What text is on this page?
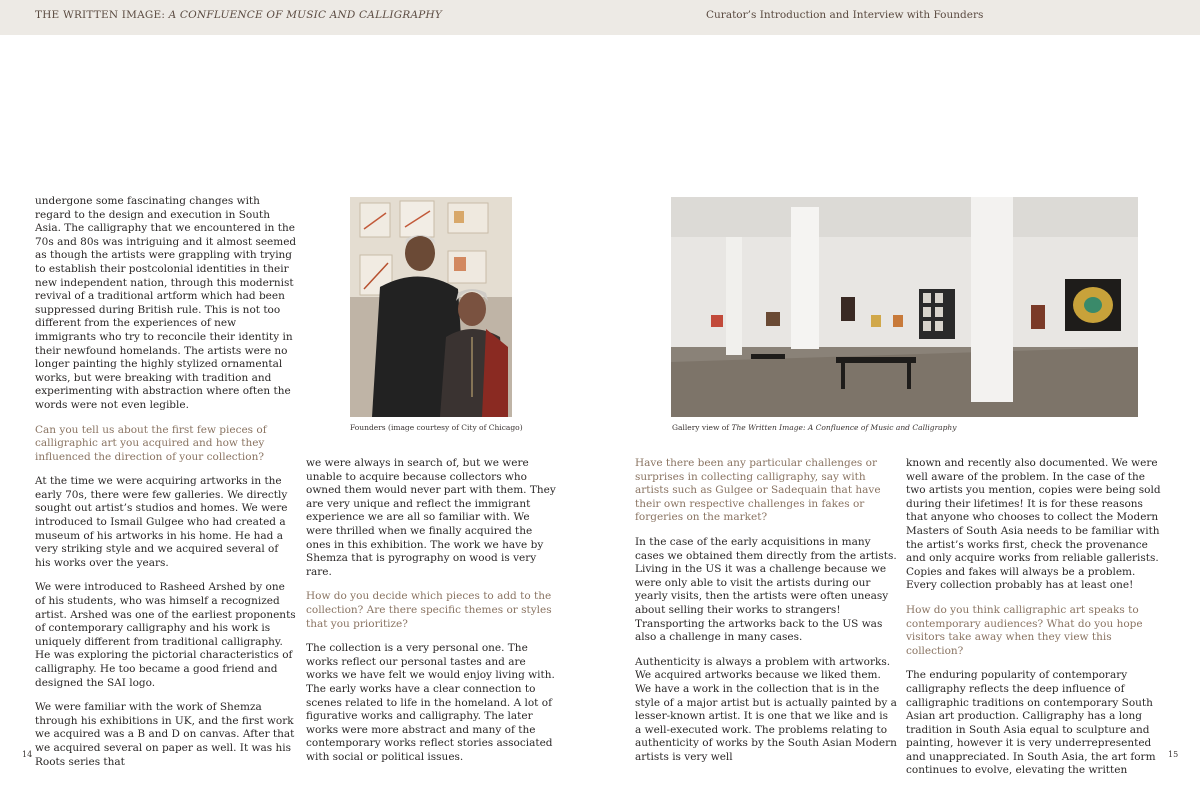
THE WRITTEN IMAGE: A CONFLUENCE OF MUSIC AND CALLIGRAPHY	Curator’s Introduction and Interview with Founders

undergone some fascinating changes with regard to the design and execution in South Asia. The calligraphy that we encountered in the 70s and 80s was intriguing and it almost seemed as though the artists were grappling with trying to establish their postcolonial identities in their new independent nation, through this modernist revival of a traditional artform which had been suppressed during British rule. This is not too different from the experiences of new immigrants who try to reconcile their identity in their newfound homelands. The artists were no longer painting the highly stylized ornamental works, but were breaking with tradition and experimenting with abstraction where often the words were not even legible.

Can you tell us about the first few pieces of calligraphic art you acquired and how they influenced the direction of your collection?

At the time we were acquiring artworks in the early 70s, there were few galleries. We directly sought out artist’s studios and homes. We were introduced to Ismail Gulgee who had created a museum of his artworks in his home. He had a very striking style and we acquired several of his works over the years.

We were introduced to Rasheed Arshed by one of his students, who was himself a recognized artist. Arshed was one of the earliest proponents of contemporary calligraphy and his work is uniquely different from traditional calligraphy. He was exploring the pictorial characteristics of calligraphy. He too became a good friend and designed the SAI logo.

We were familiar with the work of Shemza through his exhibitions in UK, and the first work we acquired was a B and D on canvas. After that we acquired several on paper as well. It was his Roots series that

Founders (image courtesy of City of Chicago)

we were always in search of, but we were unable to acquire because collectors who owned them would never part with them. They are very unique and reflect the immigrant experience we are all so familiar with. We were thrilled when we finally acquired the ones in this exhibition. The work we have by Shemza that is pyrography on wood is very rare.

How do you decide which pieces to add to the collection? Are there specific themes or styles that you prioritize?

The collection is a very personal one. The works reflect our personal tastes and are works we have felt we would enjoy living with. The early works have a clear connection to scenes related to life in the homeland. A lot of figurative works and calligraphy. The later works were more abstract and many of the contemporary works reflect stories associated with social or political issues.

14
Gallery view of The Written Image: A Confluence of Music and Calligraphy

Have there been any particular challenges or surprises in collecting calligraphy, say with artists such as Gulgee or Sadequain that have their own respective challenges in fakes or forgeries on the market?

In the case of the early acquisitions in many cases we obtained them directly from the artists. Living in the US it was a challenge because we were only able to visit the artists during our yearly visits, then the artists were often uneasy about selling their works to strangers! Transporting the artworks back to the US was also a challenge in many cases.

Authenticity is always a problem with artworks. We acquired artworks because we liked them. We have a work in the collection that is in the style of a major artist but is actually painted by a lesser-known artist. It is one that we like and is a well-executed work. The problems relating to authenticity of works by the South Asian Modern artists is very well

known and recently also documented. We were well aware of the problem. In the case of the two artists you mention, copies were being sold during their lifetimes! It is for these reasons that anyone who chooses to collect the Modern Masters of South Asia needs to be familiar with the artist’s works first, check the provenance and only acquire works from reliable gallerists. Copies and fakes will always be a problem. Every collection probably has at least one!

How do you think calligraphic art speaks to contemporary audiences? What do you hope visitors take away when they view this collection?

The enduring popularity of contemporary calligraphy reflects the deep influence of calligraphic traditions on contemporary South Asian art production. Calligraphy has a long tradition in South Asia equal to sculpture and painting, however it is very underrepresented and unappreciated. In South Asia, the art form continues to evolve, elevating the written

15
